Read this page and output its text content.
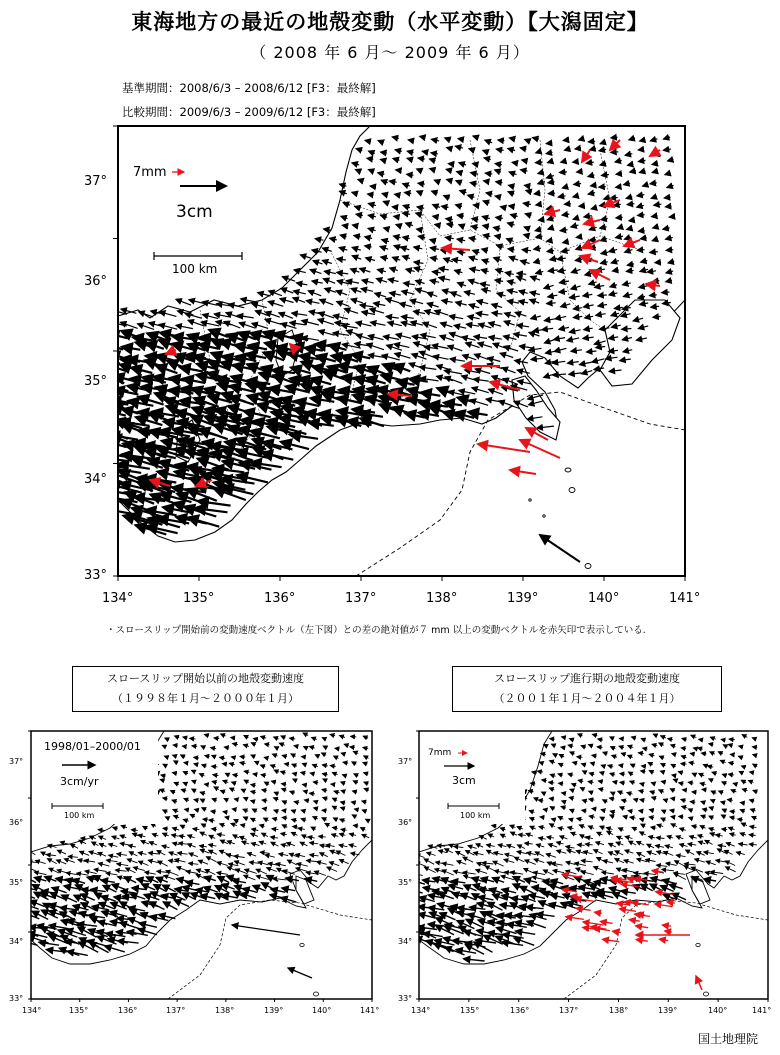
東海地方の最近の地殻変動（水平変動）【大潟固定】
（ 2008 年 6 月～ 2009 年 6 月）
基準期間：2008/6/3 – 2008/6/12 [F3：最終解]
比較期間：2009/6/3 – 2009/6/12 [F3：最終解]
7mm
3cm
100 km
37°
36°
35°
34°
33°
134°	135°	136°	137°	138°	139°	140°	141°
・スロースリップ開始前の変動速度ベクトル（左下図）との差の絶対値が７ mm 以上の変動ベクトルを赤矢印で表示している.
スロースリップ開始以前の地殻変動速度
（１９９８年１月～２０００年１月）
スロースリップ進行期の地殻変動速度
（２００１年１月～２００４年１月）
1998/01–2000/01
3cm/yr
100 km
7mm
3cm
100 km
37°
36°
35°
34°
33°
134°	135°	136°	137°	138°	139°	140°	141°
37°
36°
35°
34°
33°
134°	135°	136°	137°	138°	139°	140°	141°
国土地理院
